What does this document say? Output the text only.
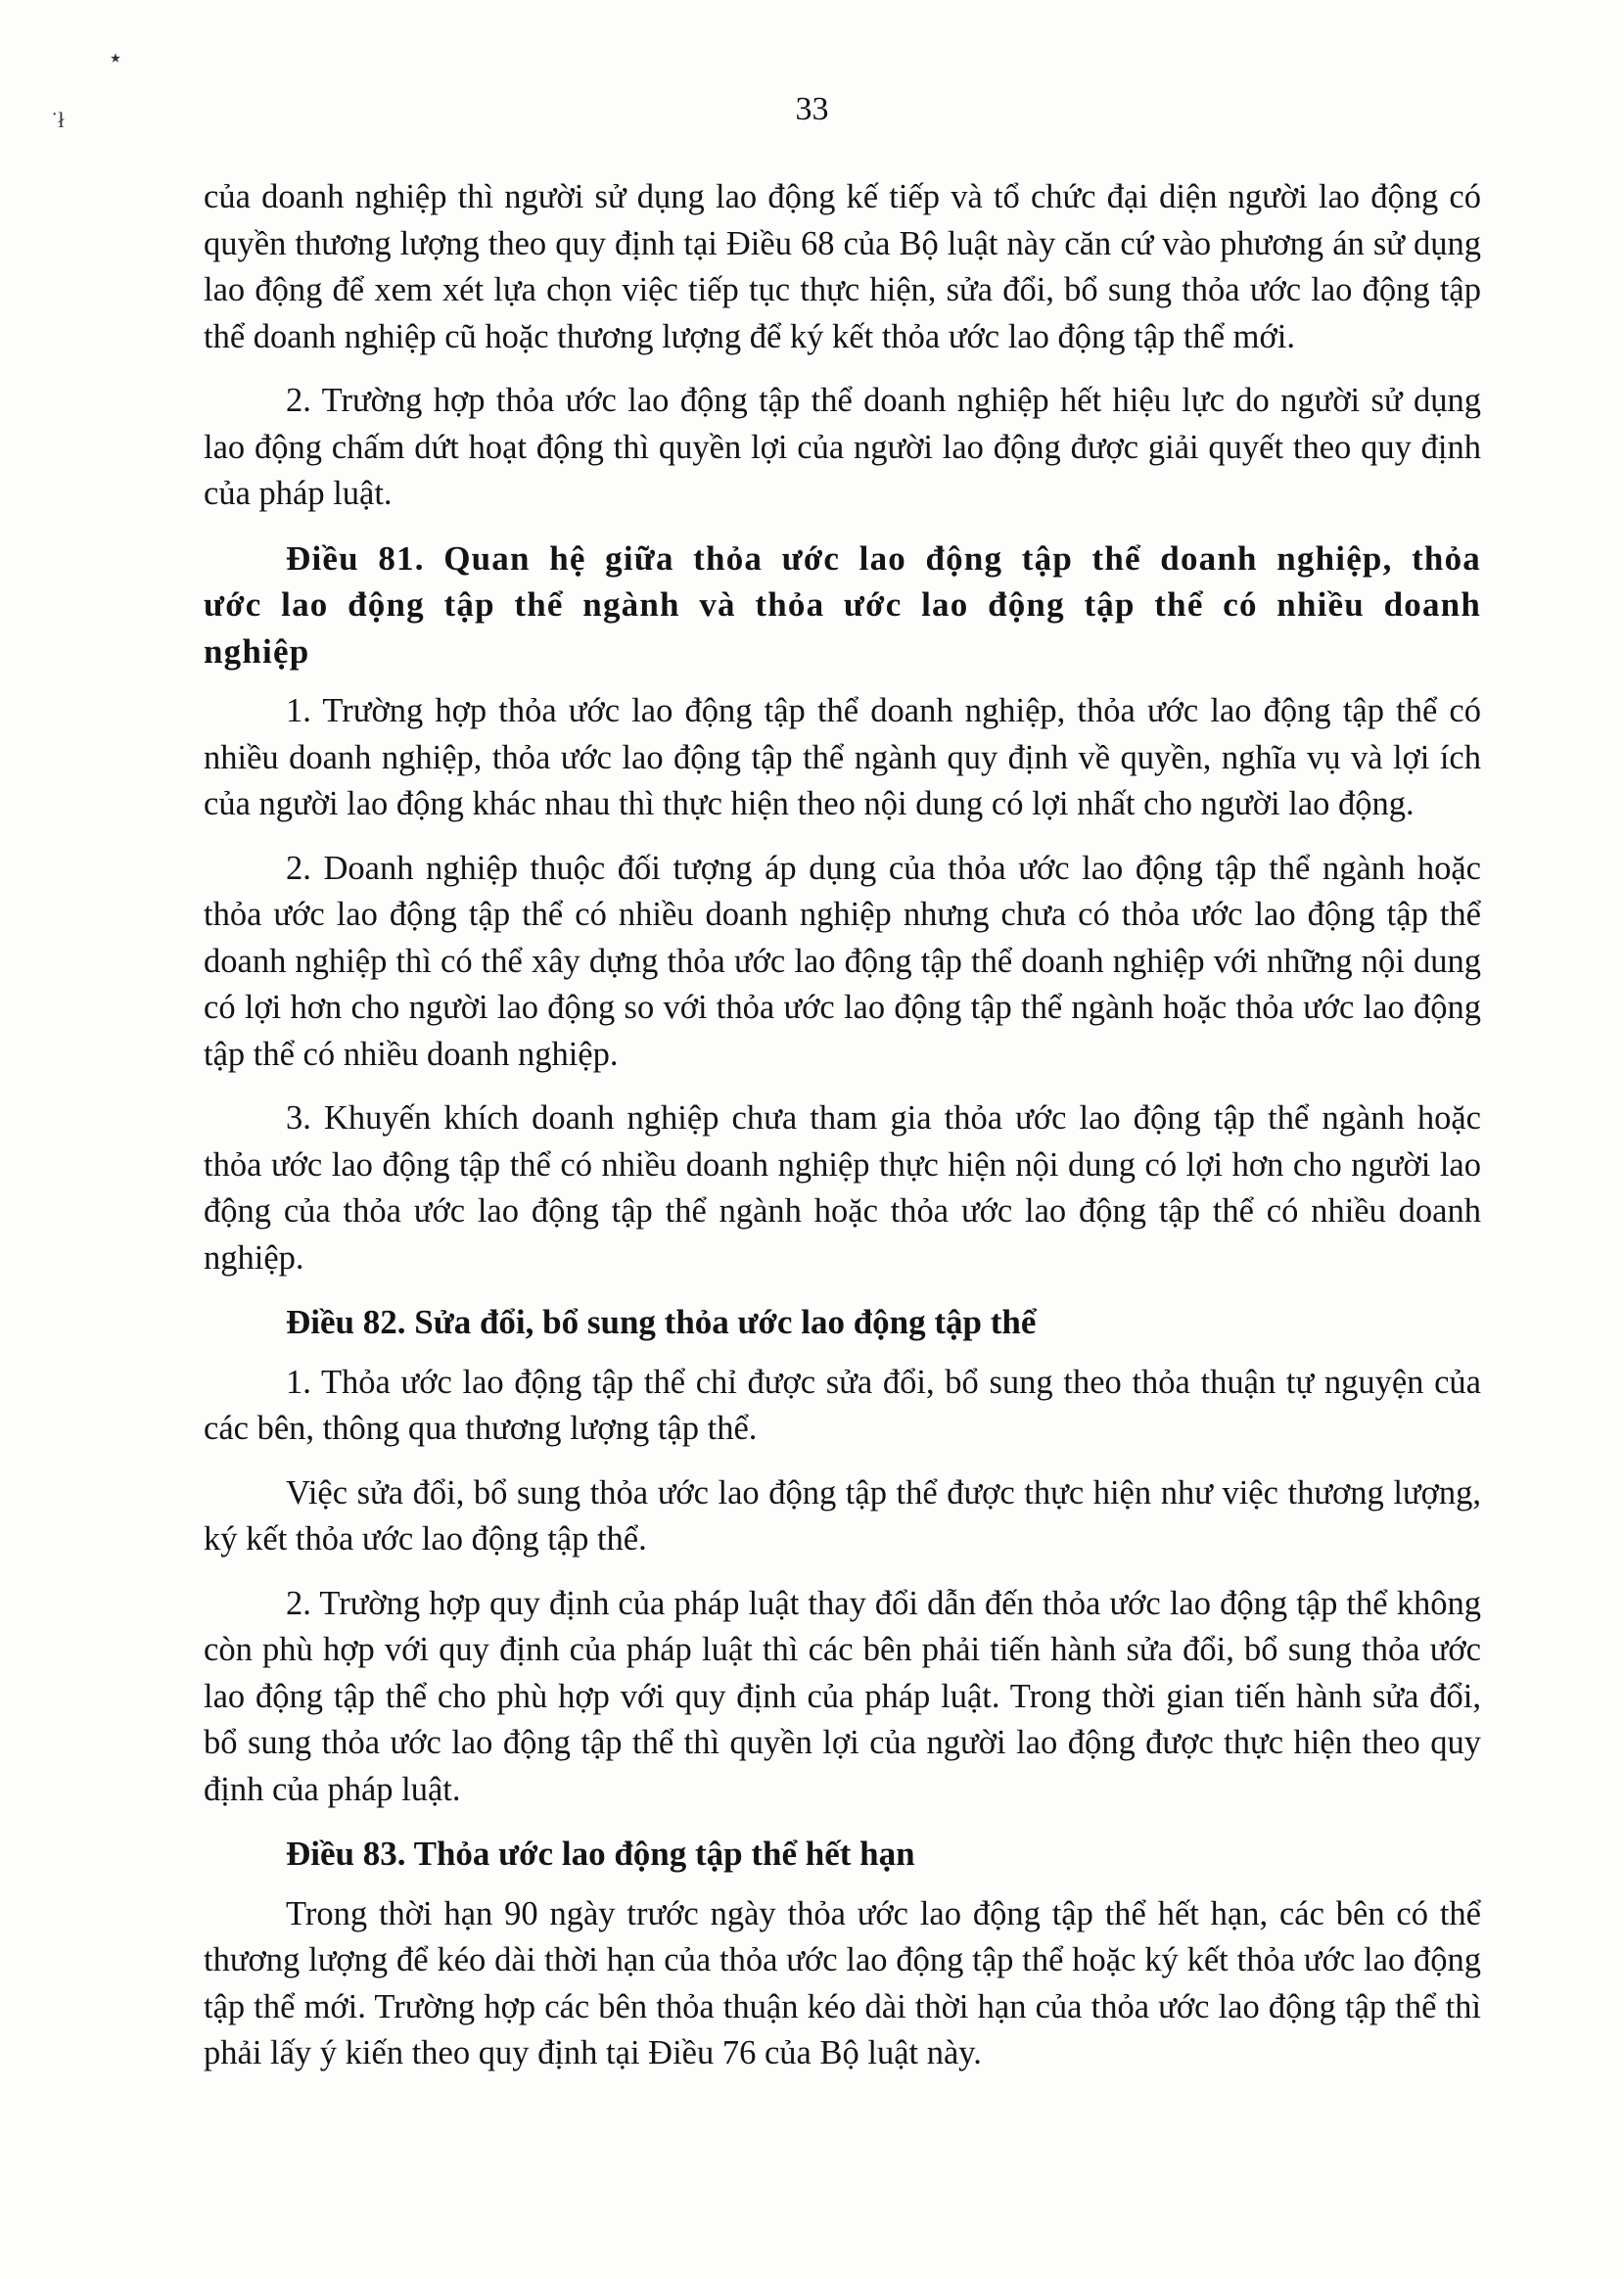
٭
˙ł	33

của doanh nghiệp thì người sử dụng lao động kế tiếp và tổ chức đại diện người lao động có quyền thương lượng theo quy định tại Điều 68 của Bộ luật này căn cứ vào phương án sử dụng lao động để xem xét lựa chọn việc tiếp tục thực hiện, sửa đổi, bổ sung thỏa ước lao động tập thể doanh nghiệp cũ hoặc thương lượng để ký kết thỏa ước lao động tập thể mới.

2. Trường hợp thỏa ước lao động tập thể doanh nghiệp hết hiệu lực do người sử dụng lao động chấm dứt hoạt động thì quyền lợi của người lao động được giải quyết theo quy định của pháp luật.

Điều 81. Quan hệ giữa thỏa ước lao động tập thể doanh nghiệp, thỏa ước lao động tập thể ngành và thỏa ước lao động tập thể có nhiều doanh nghiệp

1. Trường hợp thỏa ước lao động tập thể doanh nghiệp, thỏa ước lao động tập thể có nhiều doanh nghiệp, thỏa ước lao động tập thể ngành quy định về quyền, nghĩa vụ và lợi ích của người lao động khác nhau thì thực hiện theo nội dung có lợi nhất cho người lao động.

2. Doanh nghiệp thuộc đối tượng áp dụng của thỏa ước lao động tập thể ngành hoặc thỏa ước lao động tập thể có nhiều doanh nghiệp nhưng chưa có thỏa ước lao động tập thể doanh nghiệp thì có thể xây dựng thỏa ước lao động tập thể doanh nghiệp với những nội dung có lợi hơn cho người lao động so với thỏa ước lao động tập thể ngành hoặc thỏa ước lao động tập thể có nhiều doanh nghiệp.

3. Khuyến khích doanh nghiệp chưa tham gia thỏa ước lao động tập thể ngành hoặc thỏa ước lao động tập thể có nhiều doanh nghiệp thực hiện nội dung có lợi hơn cho người lao động của thỏa ước lao động tập thể ngành hoặc thỏa ước lao động tập thể có nhiều doanh nghiệp.

Điều 82. Sửa đổi, bổ sung thỏa ước lao động tập thể

1. Thỏa ước lao động tập thể chỉ được sửa đổi, bổ sung theo thỏa thuận tự nguyện của các bên, thông qua thương lượng tập thể.

Việc sửa đổi, bổ sung thỏa ước lao động tập thể được thực hiện như việc thương lượng, ký kết thỏa ước lao động tập thể.

2. Trường hợp quy định của pháp luật thay đổi dẫn đến thỏa ước lao động tập thể không còn phù hợp với quy định của pháp luật thì các bên phải tiến hành sửa đổi, bổ sung thỏa ước lao động tập thể cho phù hợp với quy định của pháp luật. Trong thời gian tiến hành sửa đổi, bổ sung thỏa ước lao động tập thể thì quyền lợi của người lao động được thực hiện theo quy định của pháp luật.

Điều 83. Thỏa ước lao động tập thể hết hạn

Trong thời hạn 90 ngày trước ngày thỏa ước lao động tập thể hết hạn, các bên có thể thương lượng để kéo dài thời hạn của thỏa ước lao động tập thể hoặc ký kết thỏa ước lao động tập thể mới. Trường hợp các bên thỏa thuận kéo dài thời hạn của thỏa ước lao động tập thể thì phải lấy ý kiến theo quy định tại Điều 76 của Bộ luật này.
